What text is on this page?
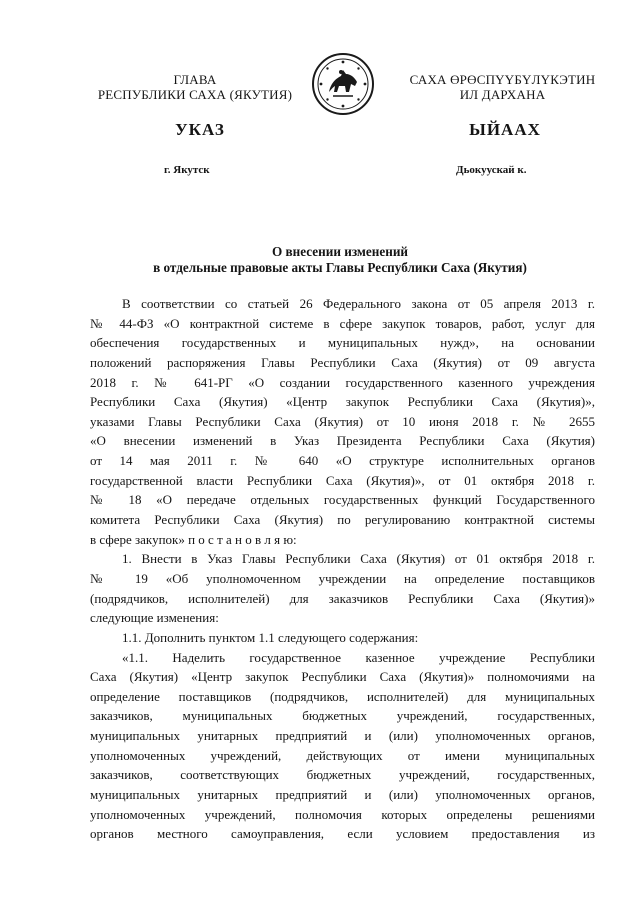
ГЛАВА
РЕСПУБЛИКИ САХА (ЯКУТИЯ)
САХА ӨРӨСПҮҮБҮЛҮКЭТИН
ИЛ ДАРХАНА
УКАЗ	ЫЙААХ
г. Якутск	Дьокуускай к.
О внесении изменений
в отдельные правовые акты Главы Республики Саха (Якутия)
В соответствии со статьей 26 Федерального закона от 05 апреля 2013 г.
№ 44-ФЗ «О контрактной системе в сфере закупок товаров, работ, услуг для
обеспечения государственных и муниципальных нужд», на основании
положений распоряжения Главы Республики Саха (Якутия) от 09 августа
2018 г. № 641-РГ «О создании государственного казенного учреждения
Республики Саха (Якутия) «Центр закупок Республики Саха (Якутия)»,
указами Главы Республики Саха (Якутия) от 10 июня 2018 г. № 2655
«О внесении изменений в Указ Президента Республики Саха (Якутия)
от 14 мая 2011 г. № 640 «О структуре исполнительных органов
государственной власти Республики Саха (Якутия)», от 01 октября 2018 г.
№ 18 «О передаче отдельных государственных функций Государственного
комитета Республики Саха (Якутия) по регулированию контрактной системы
в сфере закупок» п о с т а н о в л я ю:
1. Внести в Указ Главы Республики Саха (Якутия) от 01 октября 2018 г.
№ 19 «Об уполномоченном учреждении на определение поставщиков
(подрядчиков, исполнителей) для заказчиков Республики Саха (Якутия)»
следующие изменения:
1.1. Дополнить пунктом 1.1 следующего содержания:
«1.1. Наделить государственное казенное учреждение Республики
Саха (Якутия) «Центр закупок Республики Саха (Якутия)» полномочиями на
определение поставщиков (подрядчиков, исполнителей) для муниципальных
заказчиков, муниципальных бюджетных учреждений, государственных,
муниципальных унитарных предприятий и (или) уполномоченных органов,
уполномоченных учреждений, действующих от имени муниципальных
заказчиков, соответствующих бюджетных учреждений, государственных,
муниципальных унитарных предприятий и (или) уполномоченных органов,
уполномоченных учреждений, полномочия которых определены решениями
органов местного самоуправления, если условием предоставления из
